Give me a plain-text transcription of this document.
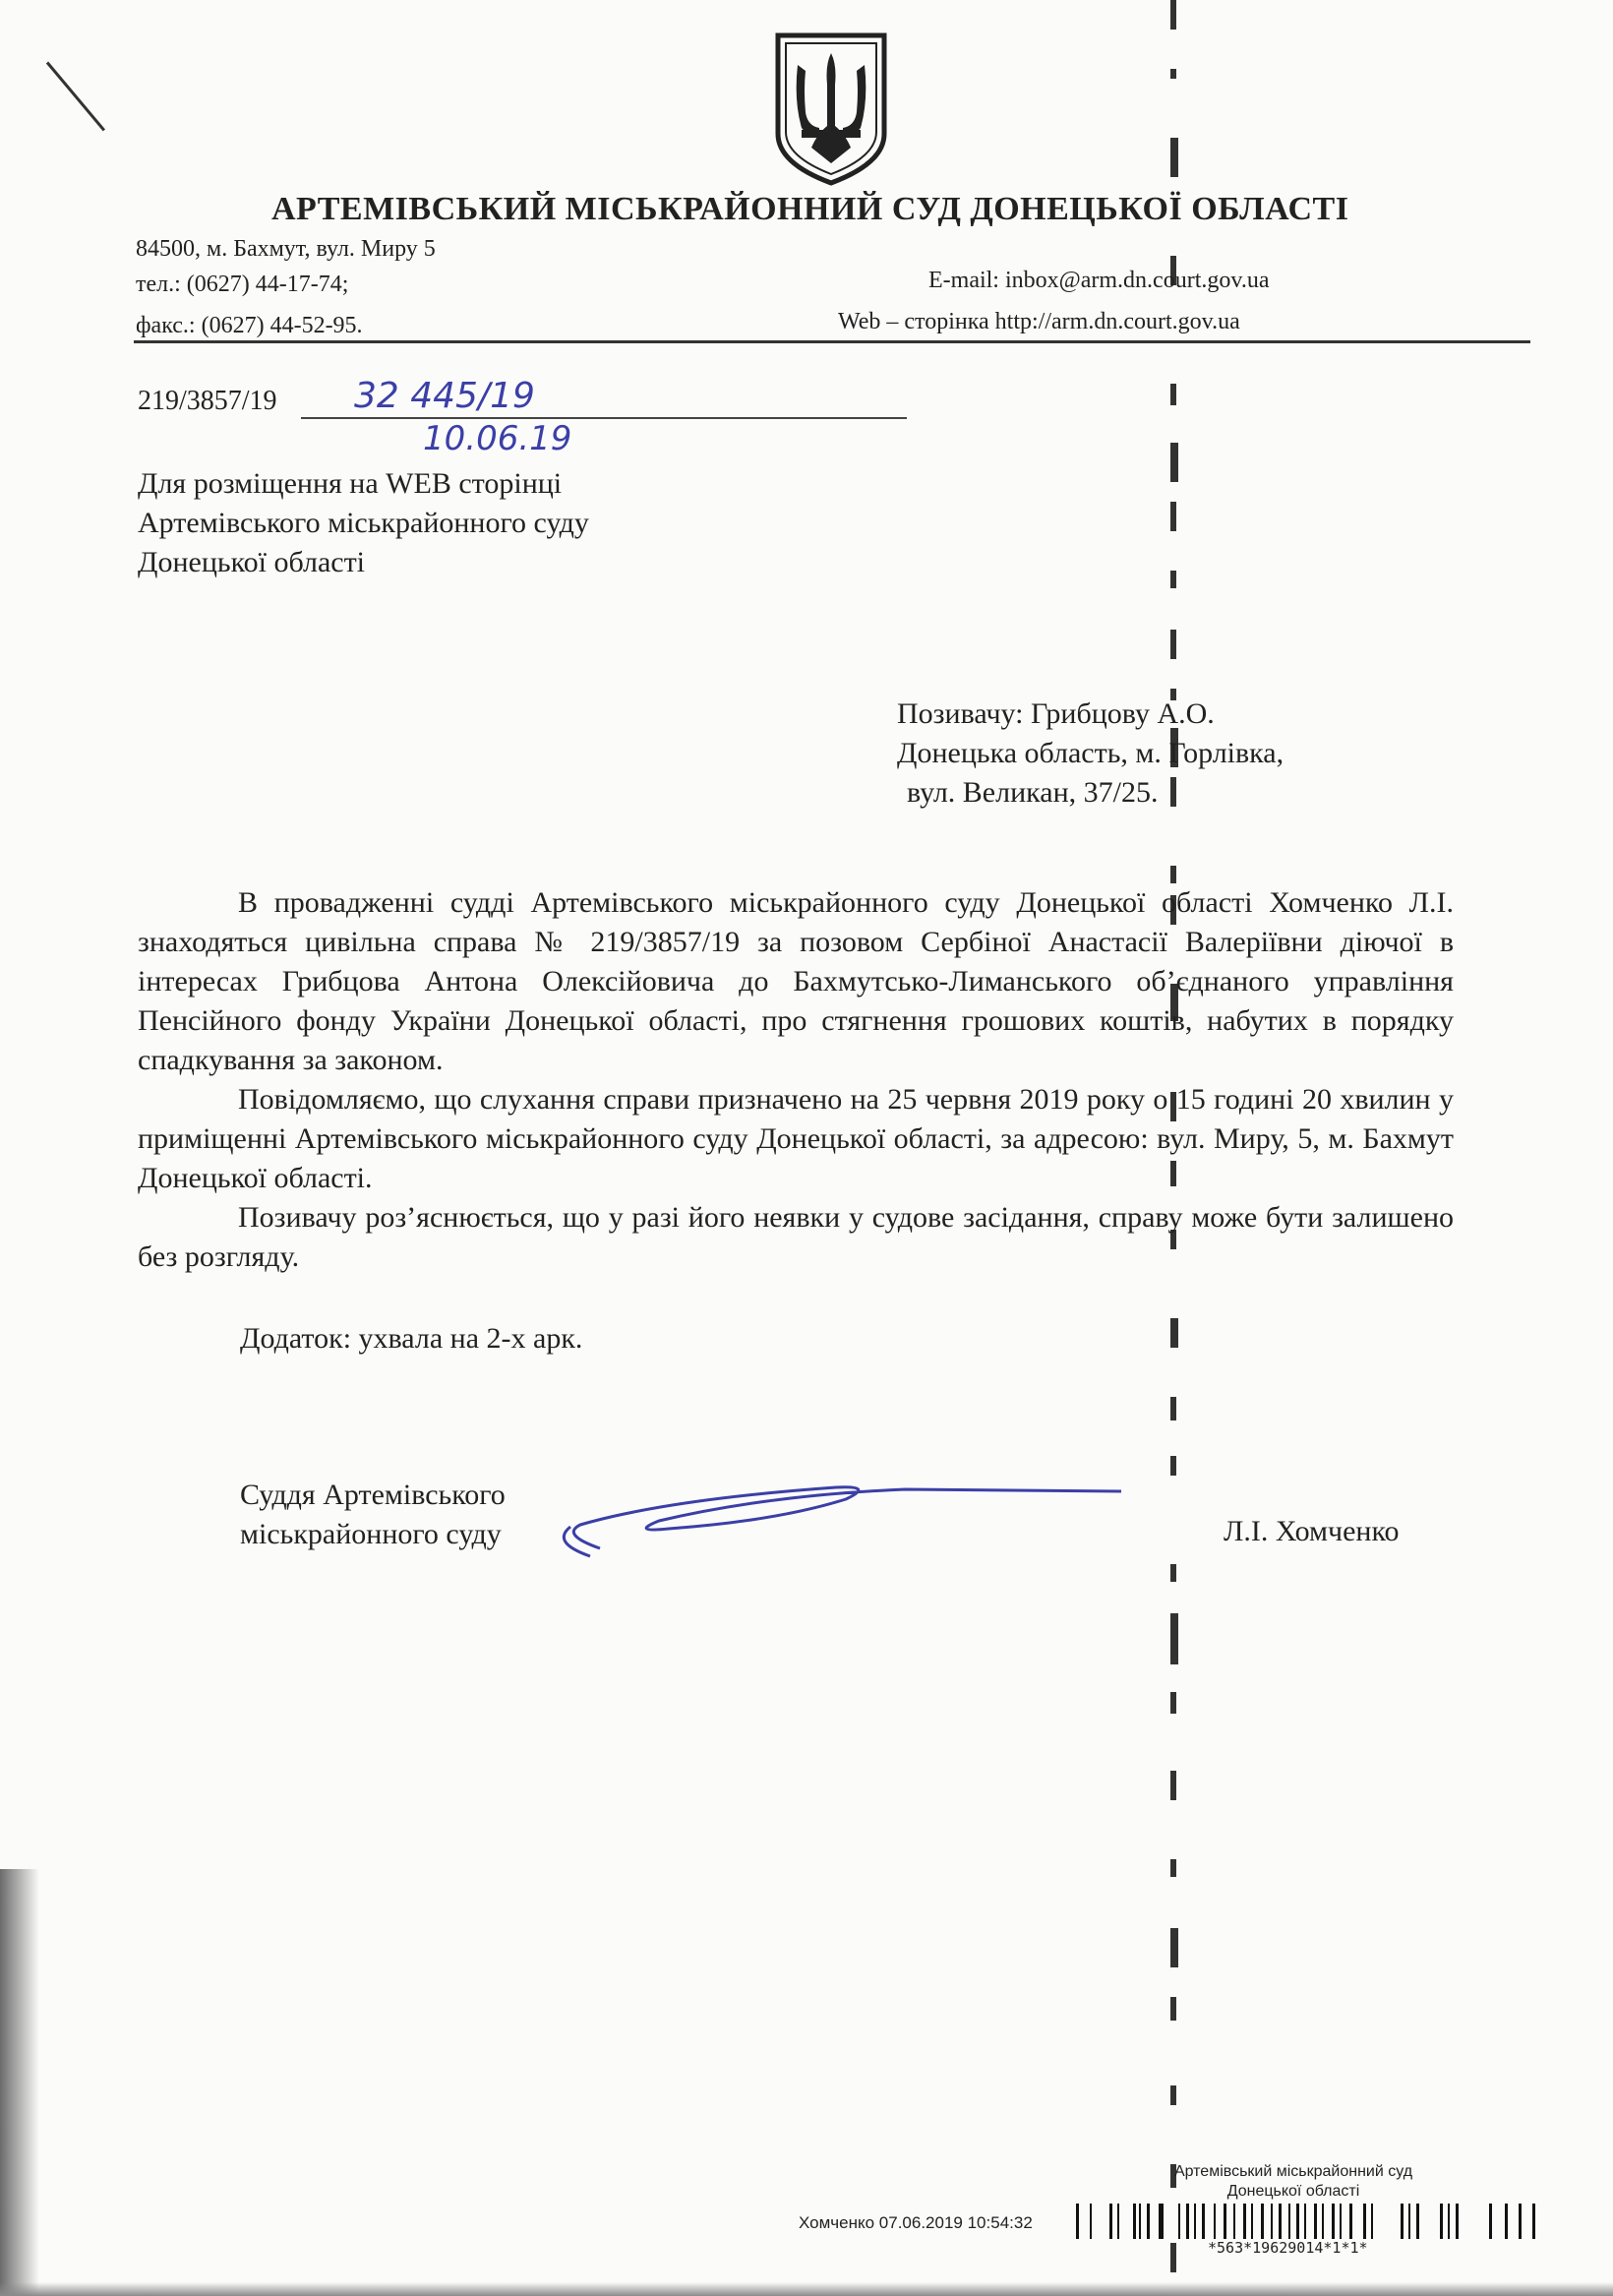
АРТЕМІВСЬКИЙ МІСЬКРАЙОННИЙ СУД ДОНЕЦЬКОЇ ОБЛАСТІ
84500, м. Бахмут, вул. Миру 5
тел.: (0627) 44-17-74;
факс.: (0627) 44-52-95.
E-mail: inbox@arm.dn.court.gov.ua
Web – сторінка http://arm.dn.court.gov.ua
219/3857/19 32 445/19
10.06.19
Для розміщення на WEB сторінці
Артемівського міськрайонного суду
Донецької області
Позивачу: Грибцову А.О.
Донецька область, м. Горлівка,
вул. Великан, 37/25.

В провадженні судді Артемівського міськрайонного суду Донецької області Хомченко Л.І. знаходяться цивільна справа № 219/3857/19 за позовом Сербіної Анастасії Валеріївни діючої в інтересах Грибцова Антона Олексійовича до Бахмутсько-Лиманського об’єднаного управління Пенсійного фонду України Донецької області, про стягнення грошових коштів, набутих в порядку спадкування за законом.

Повідомляємо, що слухання справи призначено на 25 червня 2019 року о 15 годині 20 хвилин у приміщенні Артемівського міськрайонного суду Донецької області, за адресою: вул. Миру, 5, м. Бахмут Донецької області.

Позивачу роз’яснюється, що у разі його неявки у судове засідання, справу може бути залишено без розгляду.

Додаток: ухвала на 2-х арк.
Суддя Артемівського
міськрайонного суду	Л.І. Хомченко
Артемівський міськрайонний суд
Донецької області
Хомченко 07.06.2019 10:54:32
*563*19629014*1*1*
